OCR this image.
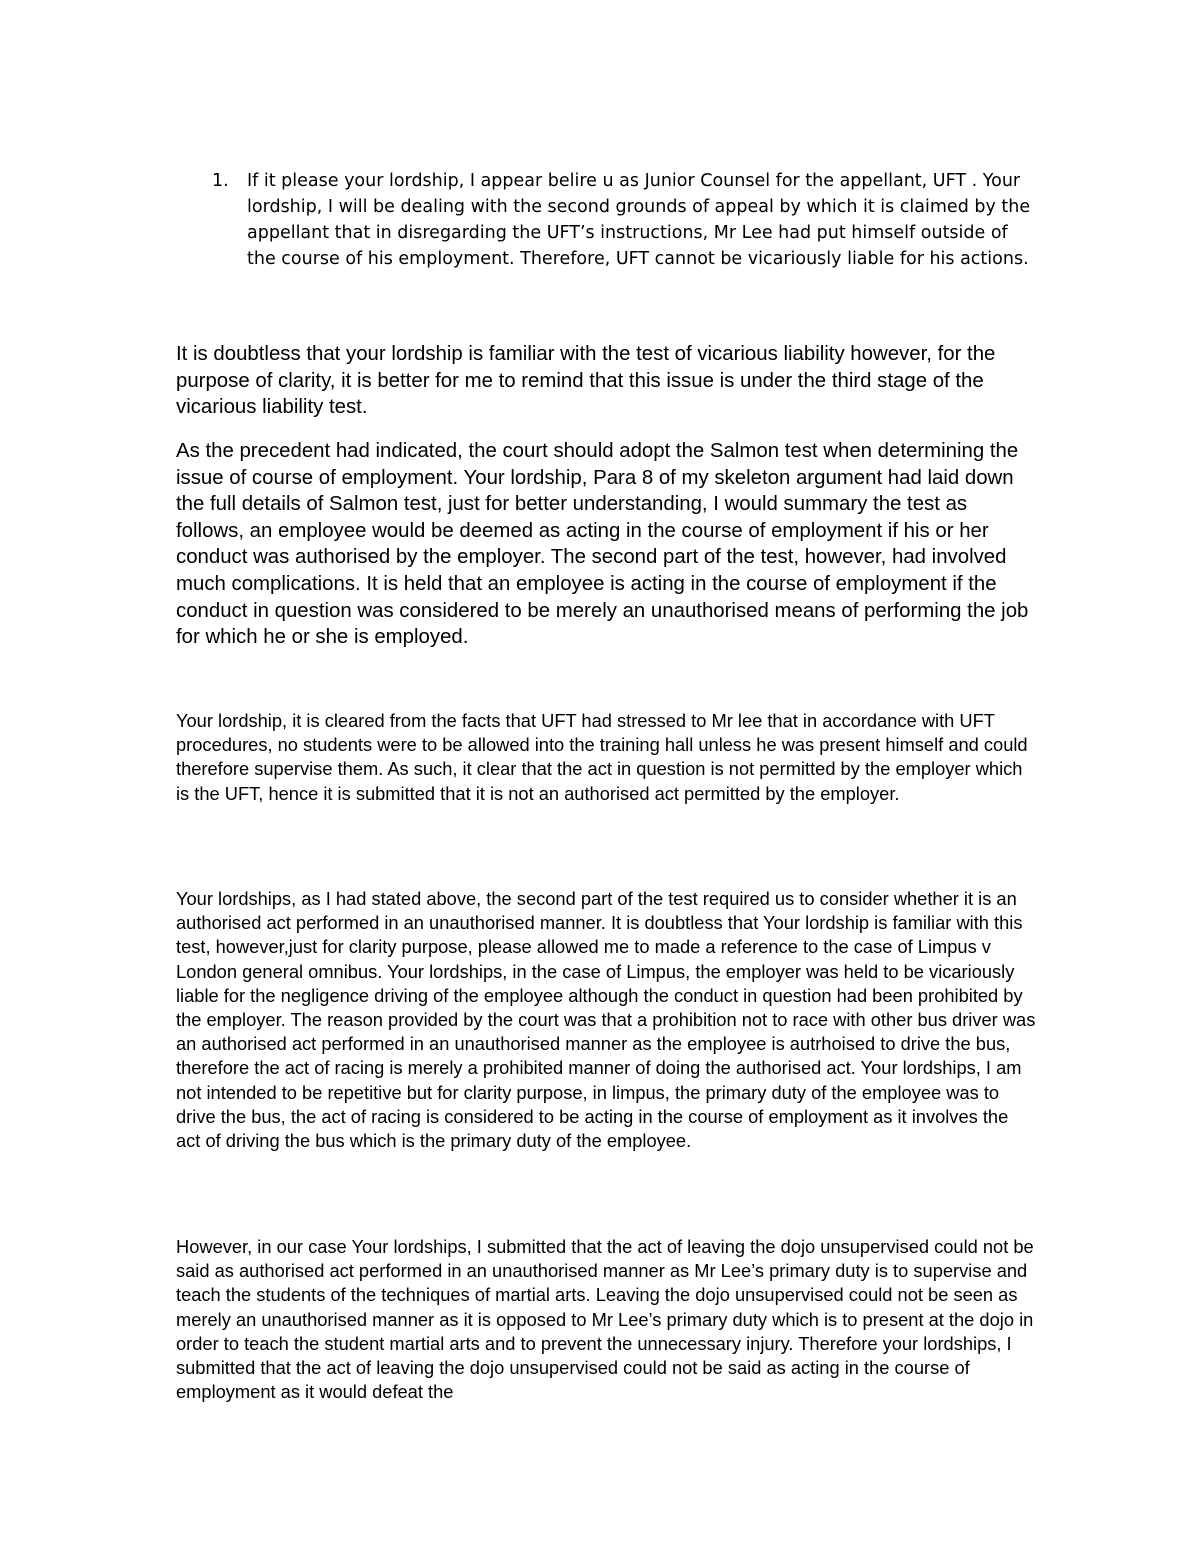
1. If it please your lordship, I appear belire u as Junior Counsel for the appellant, UFT . Your lordship, I will be dealing with the second grounds of appeal by which it is claimed by the appellant that in disregarding the UFT’s instructions, Mr Lee had put himself outside of the course of his employment. Therefore, UFT cannot be vicariously liable for his actions.

It is doubtless that your lordship is familiar with the test of vicarious liability however, for the purpose of clarity, it is better for me to remind that this issue is under the third stage of the vicarious liability test.

As the precedent had indicated, the court should adopt the Salmon test when determining the issue of course of employment. Your lordship, Para 8 of my skeleton argument had laid down the full details of Salmon test, just for better understanding, I would summary the test as follows, an employee would be deemed as acting in the course of employment if his or her conduct was authorised by the employer. The second part of the test, however, had involved much complications. It is held that an employee is acting in the course of employment if the conduct in question was considered to be merely an unauthorised means of performing the job for which he or she is employed.

Your lordship, it is cleared from the facts that UFT had stressed to Mr lee that in accordance with UFT procedures, no students were to be allowed into the training hall unless he was present himself and could therefore supervise them. As such, it clear that the act in question is not permitted by the employer which is the UFT, hence it is submitted that it is not an authorised act permitted by the employer.

Your lordships, as I had stated above, the second part of the test required us to consider whether it is an authorised act performed in an unauthorised manner. It is doubtless that Your lordship is familiar with this test, however,just for clarity purpose, please allowed me to made a reference to the case of Limpus v London general omnibus. Your lordships, in the case of Limpus, the employer was held to be vicariously liable for the negligence driving of the employee although the conduct in question had been prohibited by the employer. The reason provided by the court was that a prohibition not to race with other bus driver was an authorised act performed in an unauthorised manner as the employee is autrhoised to drive the bus, therefore the act of racing is merely a prohibited manner of doing the authorised act. Your lordships, I am not intended to be repetitive but for clarity purpose, in limpus, the primary duty of the employee was to drive the bus, the act of racing is considered to be acting in the course of employment as it involves the act of driving the bus which is the primary duty of the employee.

However, in our case Your lordships, I submitted that the act of leaving the dojo unsupervised could not be said as authorised act performed in an unauthorised manner as Mr Lee’s primary duty is to supervise and teach the students of the techniques of martial arts. Leaving the dojo unsupervised could not be seen as merely an unauthorised manner as it is opposed to Mr Lee’s primary duty which is to present at the dojo in order to teach the student martial arts and to prevent the unnecessary injury. Therefore your lordships, I submitted that the act of leaving the dojo unsupervised could not be said as acting in the course of employment as it would defeat the
